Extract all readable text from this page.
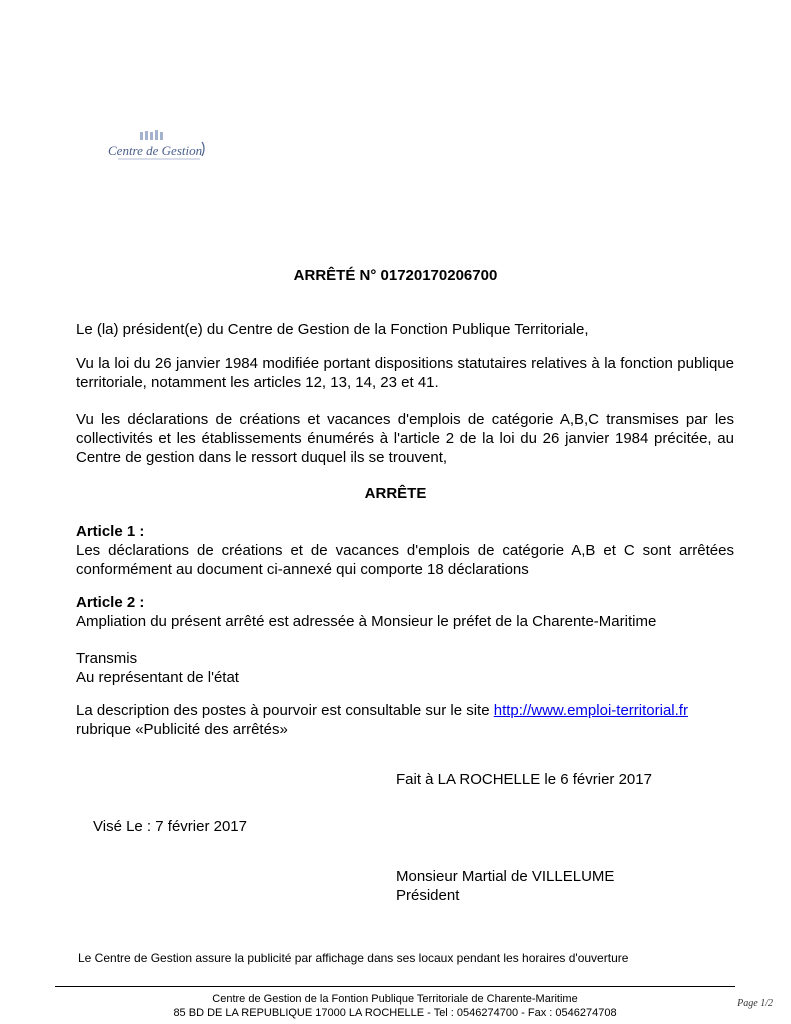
Centre de Gestion
ARRÊTÉ N° 01720170206700
Le (la) président(e) du Centre de Gestion de la Fonction Publique Territoriale,
Vu la loi du 26 janvier 1984 modifiée portant dispositions statutaires relatives à la fonction publique territoriale, notamment les articles 12, 13, 14, 23 et 41.
Vu les déclarations de créations et vacances d'emplois de catégorie A,B,C transmises par les collectivités et les établissements énumérés à l'article 2 de la loi du 26 janvier 1984 précitée, au Centre de gestion dans le ressort duquel ils se trouvent,
ARRÊTE
Article 1 :
Les déclarations de créations et de vacances d'emplois de catégorie A,B et C sont arrêtées conformément au document ci-annexé qui comporte 18 déclarations
Article 2 :
Ampliation du présent arrêté est adressée à Monsieur le préfet de la Charente-Maritime
Transmis
Au représentant de l'état
La description des postes à pourvoir est consultable sur le site http://www.emploi-territorial.fr
rubrique «Publicité des arrêtés»
Fait à LA ROCHELLE le 6 février 2017
Visé Le : 7 février 2017
Monsieur Martial de VILLELUME
Président
Le Centre de Gestion assure la publicité par affichage dans ses locaux pendant les horaires d'ouverture
Centre de Gestion de la Fontion Publique Territoriale de Charente-Maritime
85 BD DE LA REPUBLIQUE 17000 LA ROCHELLE - Tel : 0546274700 - Fax : 0546274708
Page 1/2
